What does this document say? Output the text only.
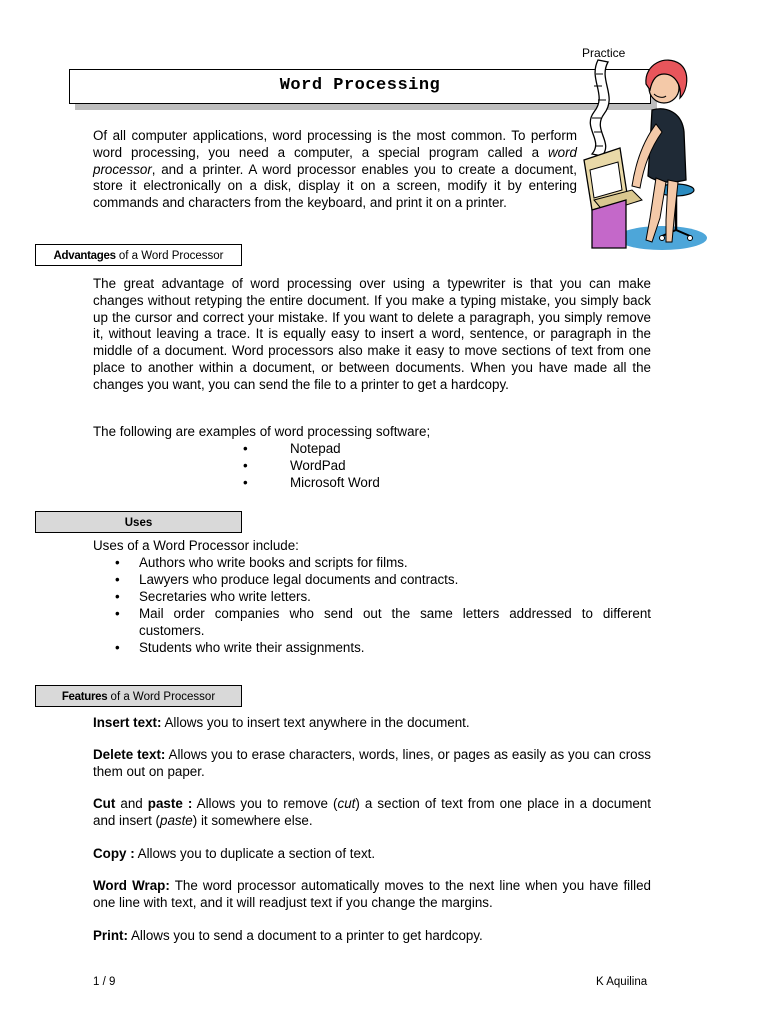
Practice
Word Processing

Of all computer applications, word processing is the most common. To perform word processing, you need a computer, a special program called a word processor, and a printer. A word processor enables you to create a document, store it electronically on a disk, display it on a screen, modify it by entering commands and characters from the keyboard, and print it on a printer.

Advantages of a Word Processor

The great advantage of word processing over using a typewriter is that you can make changes without retyping the entire document. If you make a typing mistake, you simply back up the cursor and correct your mistake. If you want to delete a paragraph, you simply remove it, without leaving a trace. It is equally easy to insert a word, sentence, or paragraph in the middle of a document. Word processors also make it easy to move sections of text from one place to another within a document, or between documents. When you have made all the changes you want, you can send the file to a printer to get a hardcopy.

The following are examples of word processing software;

•	Notepad
•	WordPad
•	Microsoft Word
Uses

Uses of a Word Processor include:

• Authors who write books and scripts for films.
• Lawyers who produce legal documents and contracts.
• Secretaries who write letters.
• Mail order companies who send out the same letters addressed to different customers.
• Students who write their assignments.
Features of a Word Processor

Insert text: Allows you to insert text anywhere in the document.

Delete text: Allows you to erase characters, words, lines, or pages as easily as you can cross them out on paper.

Cut and paste : Allows you to remove (cut) a section of text from one place in a document and insert (paste) it somewhere else.

Copy : Allows you to duplicate a section of text.

Word Wrap: The word processor automatically moves to the next line when you have filled one line with text, and it will readjust text if you change the margins.

Print: Allows you to send a document to a printer to get hardcopy.

1 / 9	K Aquilina
